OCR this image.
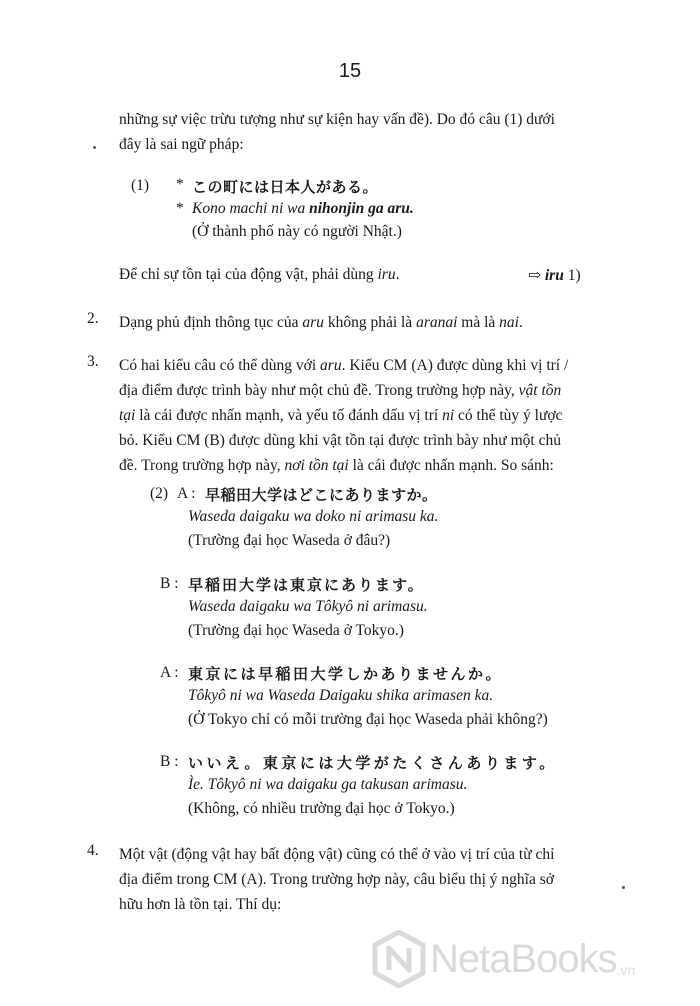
15
những sự việc trừu tượng như sự kiện hay vấn đề). Do đó câu (1) dưới
đây là sai ngữ pháp:
(1) * この町には日本人がある。
* Kono machi ni wa nihonjin ga aru.
(Ở thành phố này có người Nhật.)
Để chỉ sự tồn tại của động vật, phải dùng iru.	⇨ iru 1)
2. Dạng phủ định thông tục của aru không phải là aranai mà là nai.
3. Có hai kiểu câu có thể dùng với aru. Kiểu CM (A) được dùng khi vị trí /
địa điểm được trình bày như một chủ đề. Trong trường hợp này, vật tồn
tại là cái được nhấn mạnh, và yếu tố đánh dấu vị trí ni có thể tùy ý lược
bỏ. Kiểu CM (B) được dùng khi vật tồn tại được trình bày như một chủ
đề. Trong trường hợp này, nơi tồn tại là cái được nhấn mạnh. So sánh:
(2) A : 早稲田大学はどこにありますか。
Waseda daigaku wa doko ni arimasu ka.
(Trường đại học Waseda ở đâu?)
B : 早稲田大学は東京にあります。
Waseda daigaku wa Tôkyô ni arimasu.
(Trường đại học Waseda ở Tokyo.)
A : 東京には早稲田大学しかありませんか。
Tôkyô ni wa Waseda Daigaku shika arimasen ka.
(Ở Tokyo chỉ có mỗi trường đại học Waseda phải không?)
B : いいえ。東京には大学がたくさんあります。
Ìe. Tôkyô ni wa daigaku ga takusan arimasu.
(Không, có nhiều trường đại học ở Tokyo.)
4. Một vật (động vật hay bất động vật) cũng có thể ở vào vị trí của từ chỉ
địa điểm trong CM (A). Trong trường hợp này, câu biểu thị ý nghĩa sở
hữu hơn là tồn tại. Thí dụ:
NetaBooks .vn
